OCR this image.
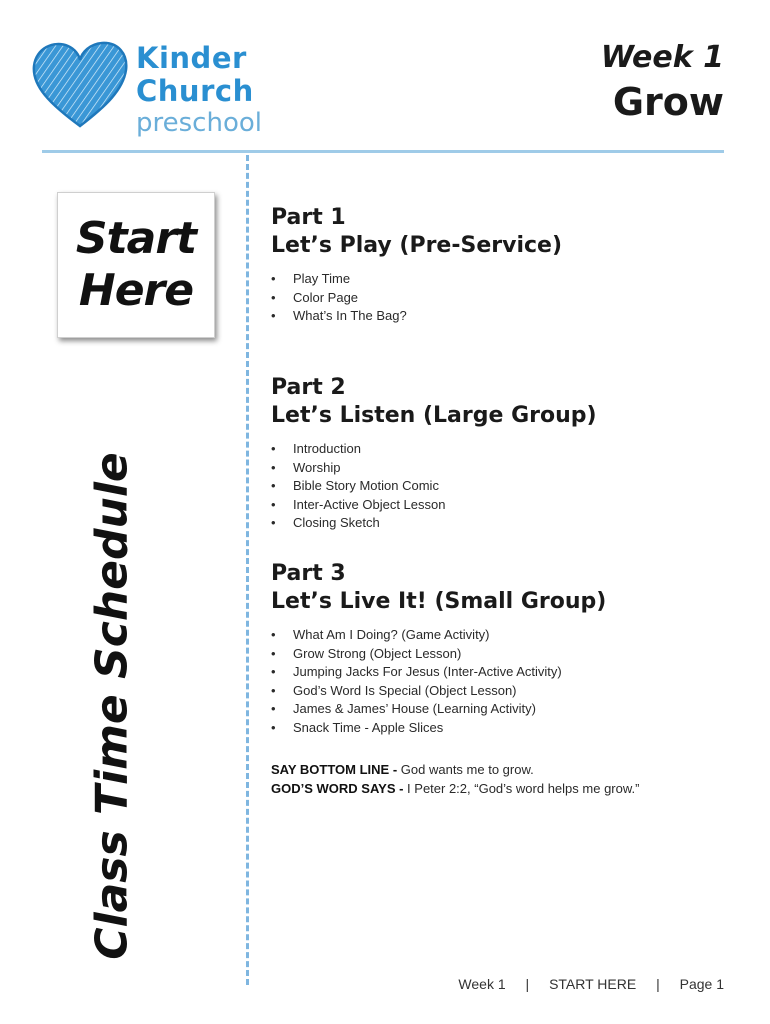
Kinder
Church
preschool
Week 1
Grow
Start
Here
Class Time Schedule
Part 1
Let’s Play (Pre-Service)
• Play Time
• Color Page
• What’s In The Bag?
Part 2
Let’s Listen (Large Group)
• Introduction
• Worship
• Bible Story Motion Comic
• Inter-Active Object Lesson
• Closing Sketch
Part 3
Let’s Live It! (Small Group)
• What Am I Doing? (Game Activity)
• Grow Strong (Object Lesson)
• Jumping Jacks For Jesus (Inter-Active Activity)
• God’s Word Is Special (Object Lesson)
• James & James’ House (Learning Activity)
• Snack Time - Apple Slices
SAY BOTTOM LINE - God wants me to grow.
GOD’S WORD SAYS - I Peter 2:2, “God’s word helps me grow.”
Week 1 | START HERE | Page 1
